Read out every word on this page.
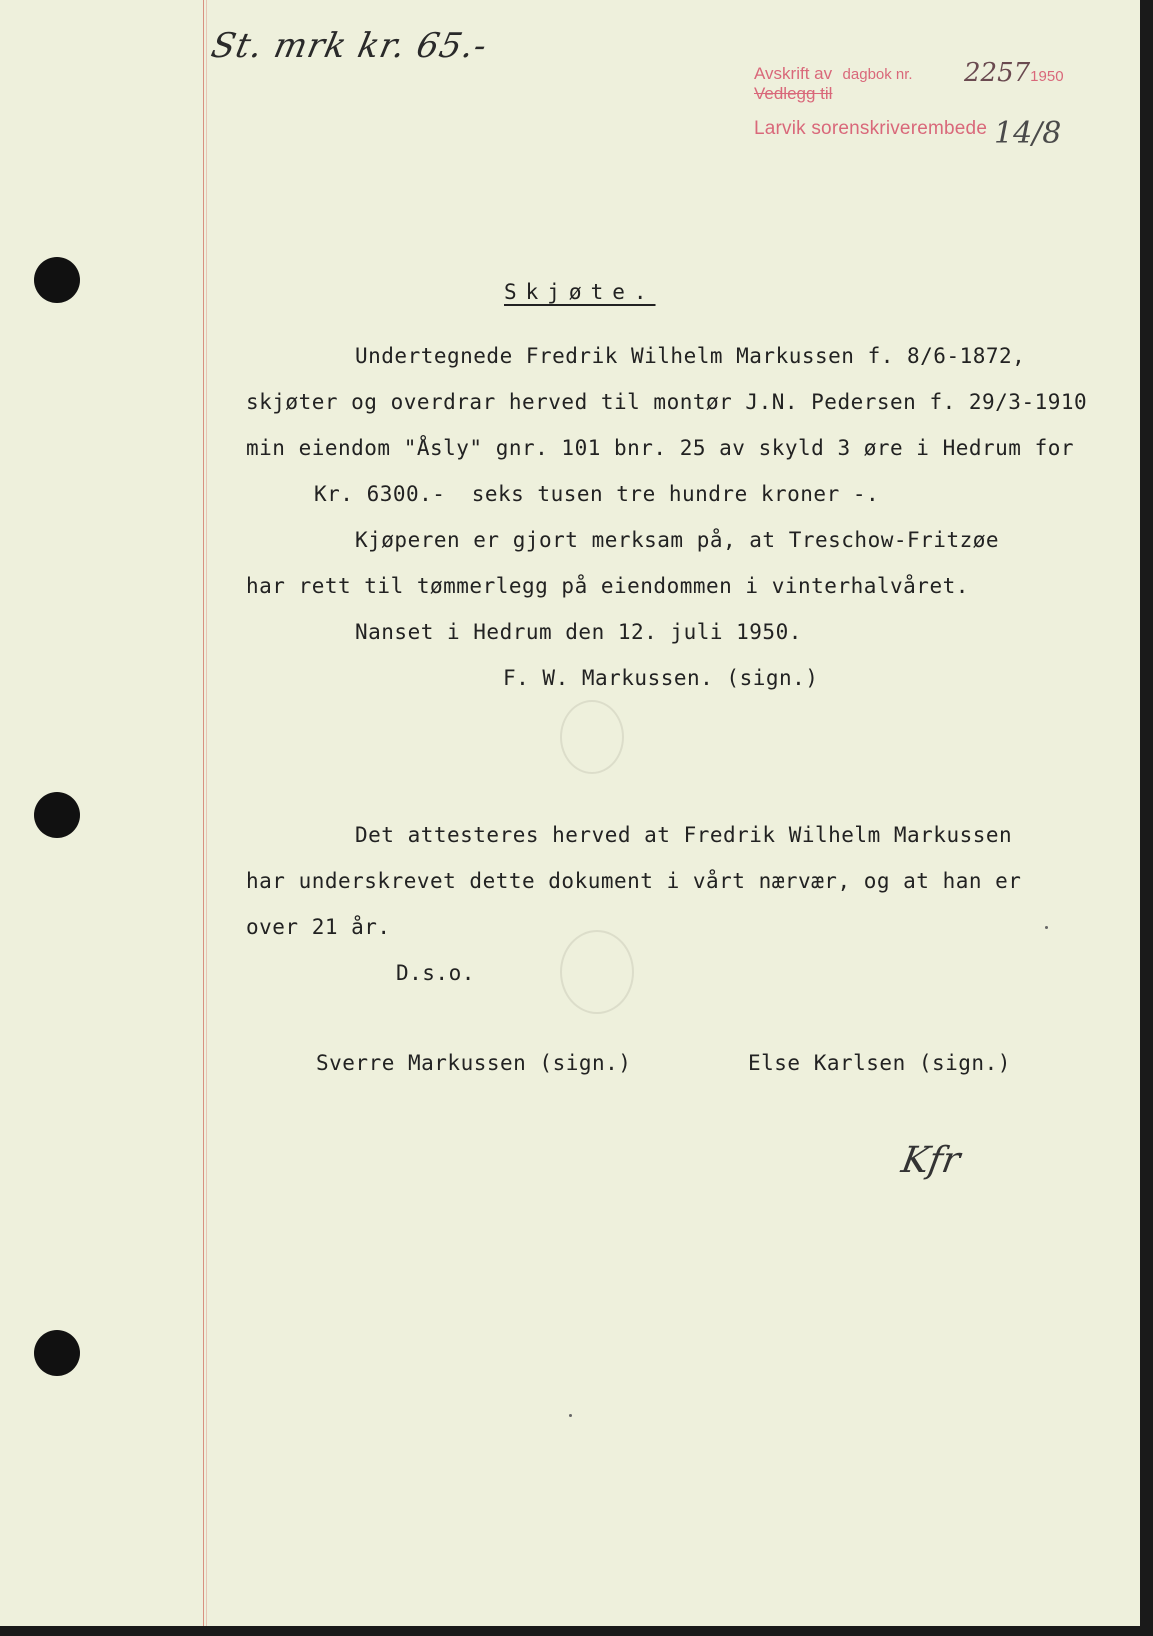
St. mrk kr. 65.-
Avskrift av dagbok nr.
Vedlegg til
22571950
Larvik sorenskriverembede 14/8
Skjøte.
Undertegnede Fredrik Wilhelm Markussen f. 8/6-1872,
skjøter og overdrar herved til montør J.N. Pedersen f. 29/3-1910
min eiendom "Åsly" gnr. 101 bnr. 25 av skyld 3 øre i Hedrum for
Kr. 6300.-  seks tusen tre hundre kroner -.
Kjøperen er gjort merksam på, at Treschow-Fritzøe
har rett til tømmerlegg på eiendommen i vinterhalvåret.
Nanset i Hedrum den 12. juli 1950.
F. W. Markussen. (sign.)
Det attesteres herved at Fredrik Wilhelm Markussen
har underskrevet dette dokument i vårt nærvær, og at han er
over 21 år.
D.s.o.
Sverre Markussen (sign.)	Else Karlsen (sign.)
Kfr
